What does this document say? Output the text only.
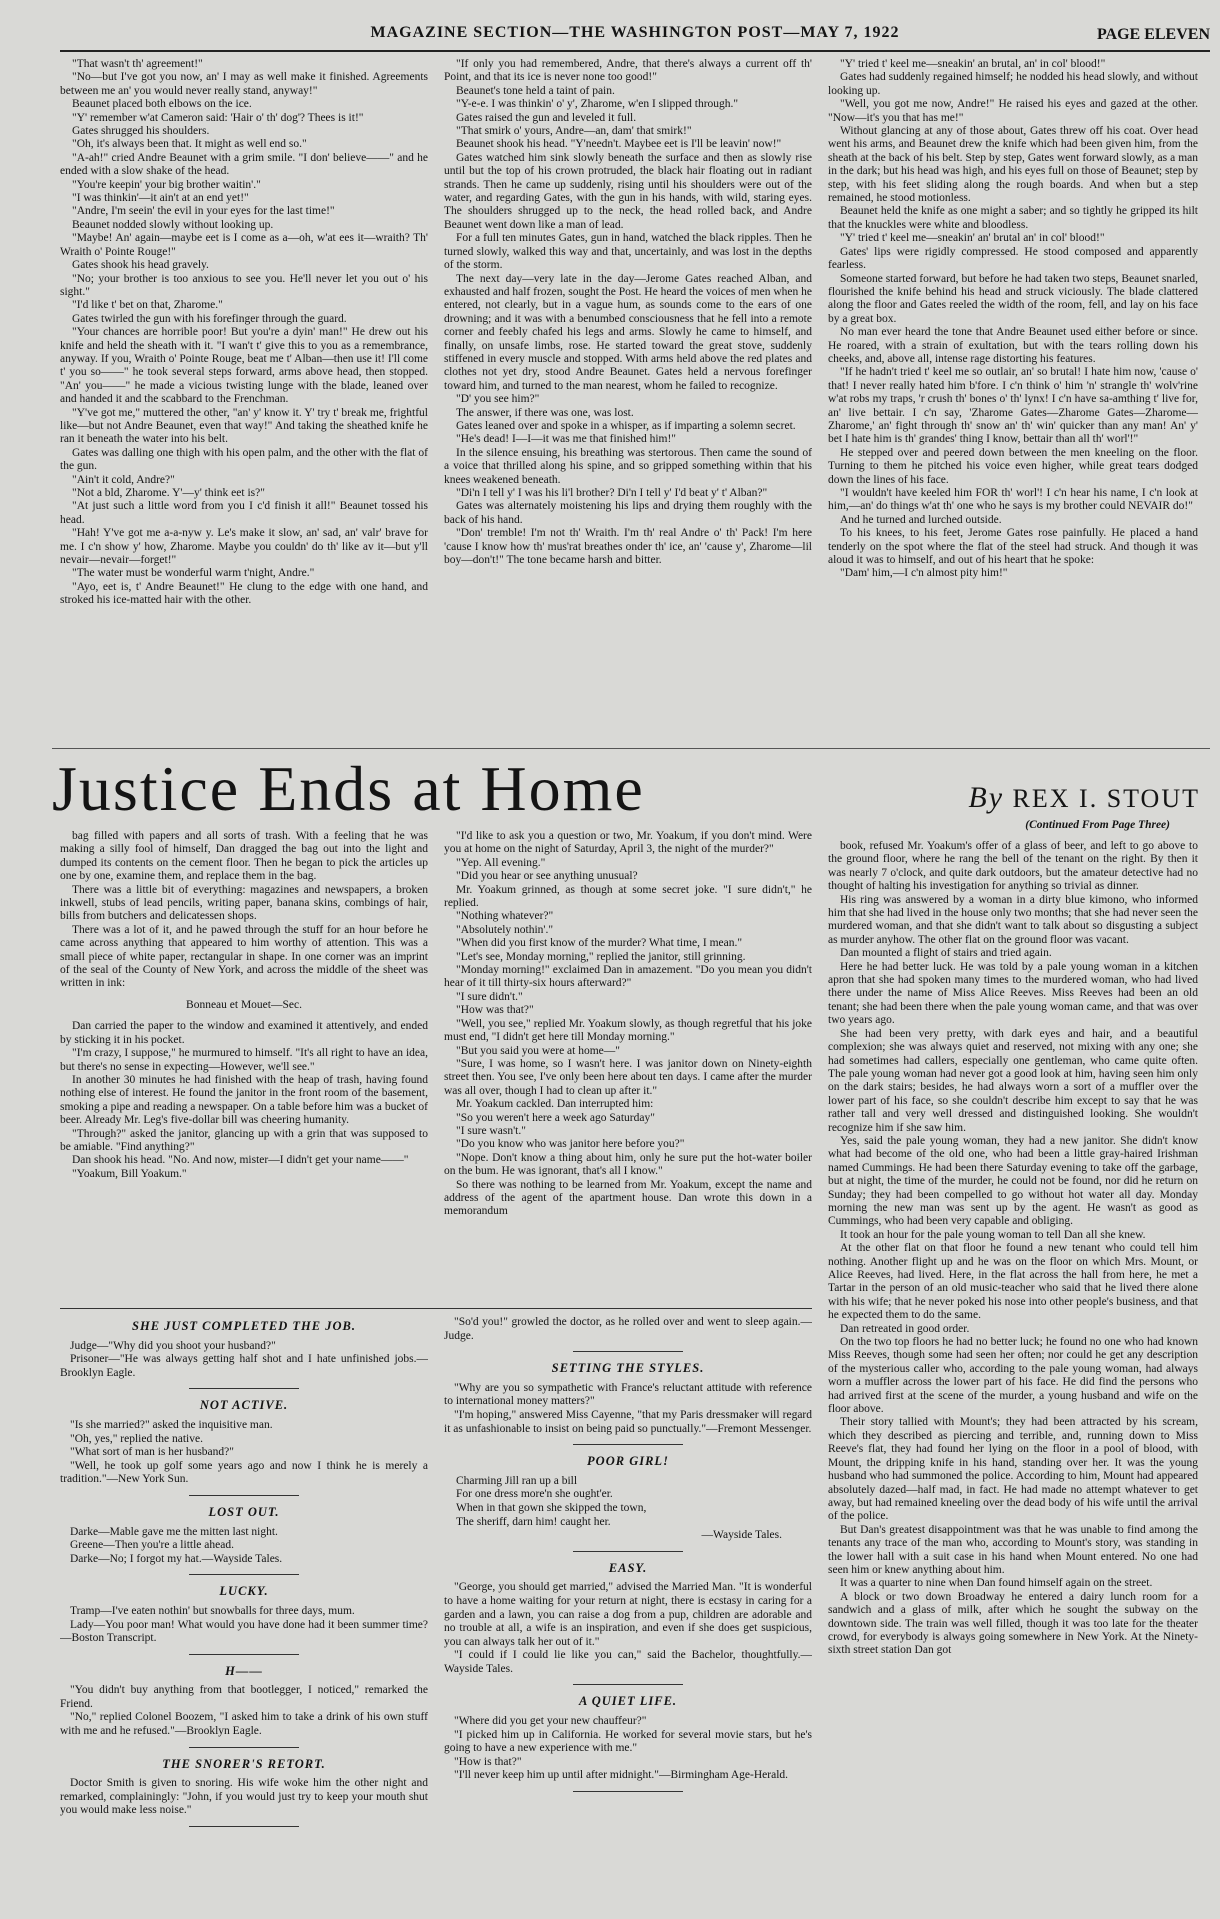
MAGAZINE SECTION—THE WASHINGTON POST—MAY 7, 1922	PAGE ELEVEN

"That wasn't th' agreement!"

"No—but I've got you now, an' I may as well make it finished. Agreements between me an' you would never really stand, anyway!"

Beaunet placed both elbows on the ice.

"Y' remember w'at Cameron said: 'Hair o' th' dog'? Thees is it!"

Gates shrugged his shoulders.

"Oh, it's always been that. It might as well end so."

"A-ah!" cried Andre Beaunet with a grim smile. "I don' believe——" and he ended with a slow shake of the head.

"You're keepin' your big brother waitin'."

"I was thinkin'—it ain't at an end yet!"

"Andre, I'm seein' the evil in your eyes for the last time!"

Beaunet nodded slowly without looking up.

"Maybe! An' again—maybe eet is I come as a—oh, w'at ees it—wraith? Th' Wraith o' Pointe Rouge!"

Gates shook his head gravely.

"No; your brother is too anxious to see you. He'll never let you out o' his sight."

"I'd like t' bet on that, Zharome."

Gates twirled the gun with his forefinger through the guard.

"Your chances are horrible poor! But you're a dyin' man!" He drew out his knife and held the sheath with it. "I wan't t' give this to you as a remembrance, anyway. If you, Wraith o' Pointe Rouge, beat me t' Alban—then use it! I'll come t' you so——" he took several steps forward, arms above head, then stopped. "An' you——" he made a vicious twisting lunge with the blade, leaned over and handed it and the scabbard to the Frenchman.

"Y've got me," muttered the other, "an' y' know it. Y' try t' break me, frightful like—but not Andre Beaunet, even that way!" And taking the sheathed knife he ran it beneath the water into his belt.

Gates was dalling one thigh with his open palm, and the other with the flat of the gun.

"Ain't it cold, Andre?"

"Not a bld, Zharome. Y'—y' think eet is?"

"At just such a little word from you I c'd finish it all!" Beaunet tossed his head.

"Hah! Y've got me a-a-nyw y. Le's make it slow, an' sad, an' valr' brave for me. I c'n show y' how, Zharome. Maybe you couldn' do th' like av it—but y'll nevair—nevair—forget!"

"The water must be wonderful warm t'night, Andre."

"Ayo, eet is, t' Andre Beaunet!" He clung to the edge with one hand, and stroked his ice-matted hair with the other.

"If only you had remembered, Andre, that there's always a current off th' Point, and that its ice is never none too good!"

Beaunet's tone held a taint of pain.

"Y-e-e. I was thinkin' o' y', Zharome, w'en I slipped through."

Gates raised the gun and leveled it full.

"That smirk o' yours, Andre—an, dam' that smirk!"

Beaunet shook his head. "Y'needn't. Maybee eet is I'll be leavin' now!"

Gates watched him sink slowly beneath the surface and then as slowly rise until but the top of his crown protruded, the black hair floating out in radiant strands. Then he came up suddenly, rising until his shoulders were out of the water, and regarding Gates, with the gun in his hands, with wild, staring eyes. The shoulders shrugged up to the neck, the head rolled back, and Andre Beaunet went down like a man of lead.

For a full ten minutes Gates, gun in hand, watched the black ripples. Then he turned slowly, walked this way and that, uncertainly, and was lost in the depths of the storm.

The next day—very late in the day—Jerome Gates reached Alban, and exhausted and half frozen, sought the Post. He heard the voices of men when he entered, not clearly, but in a vague hum, as sounds come to the ears of one drowning; and it was with a benumbed consciousness that he fell into a remote corner and feebly chafed his legs and arms. Slowly he came to himself, and finally, on unsafe limbs, rose. He started toward the great stove, suddenly stiffened in every muscle and stopped. With arms held above the red plates and clothes not yet dry, stood Andre Beaunet. Gates held a nervous forefinger toward him, and turned to the man nearest, whom he failed to recognize.

"D' you see him?"

The answer, if there was one, was lost.

Gates leaned over and spoke in a whisper, as if imparting a solemn secret.

"He's dead! I—I—it was me that finished him!"

In the silence ensuing, his breathing was stertorous. Then came the sound of a voice that thrilled along his spine, and so gripped something within that his knees weakened beneath.

"Di'n I tell y' I was his li'l brother? Di'n I tell y' I'd beat y' t' Alban?"

Gates was alternately moistening his lips and drying them roughly with the back of his hand.

"Don' tremble! I'm not th' Wraith. I'm th' real Andre o' th' Pack! I'm here 'cause I know how th' mus'rat breathes onder th' ice, an' 'cause y', Zharome—lil boy—don't!" The tone became harsh and bitter.

"Y' tried t' keel me—sneakin' an brutal, an' in col' blood!"

Gates had suddenly regained himself; he nodded his head slowly, and without looking up.

"Well, you got me now, Andre!" He raised his eyes and gazed at the other. "Now—it's you that has me!"

Without glancing at any of those about, Gates threw off his coat. Over head went his arms, and Beaunet drew the knife which had been given him, from the sheath at the back of his belt. Step by step, Gates went forward slowly, as a man in the dark; but his head was high, and his eyes full on those of Beaunet; step by step, with his feet sliding along the rough boards. And when but a step remained, he stood motionless.

Beaunet held the knife as one might a saber; and so tightly he gripped its hilt that the knuckles were white and bloodless.

"Y' tried t' keel me—sneakin' an' brutal an' in col' blood!"

Gates' lips were rigidly compressed. He stood composed and apparently fearless.

Someone started forward, but before he had taken two steps, Beaunet snarled, flourished the knife behind his head and struck viciously. The blade clattered along the floor and Gates reeled the width of the room, fell, and lay on his face by a great box.

No man ever heard the tone that Andre Beaunet used either before or since. He roared, with a strain of exultation, but with the tears rolling down his cheeks, and, above all, intense rage distorting his features.

"If he hadn't tried t' keel me so outlair, an' so brutal! I hate him now, 'cause o' that! I never really hated him b'fore. I c'n think o' him 'n' strangle th' wolv'rine w'at robs my traps, 'r crush th' bones o' th' lynx! I c'n have sa-amthing t' live for, an' live bettair. I c'n say, 'Zharome Gates—Zharome Gates—Zharome—Zharome,' an' fight through th' snow an' th' win' quicker than any man! An' y' bet I hate him is th' grandes' thing I know, bettair than all th' worl'!"

He stepped over and peered down between the men kneeling on the floor. Turning to them he pitched his voice even higher, while great tears dodged down the lines of his face.

"I wouldn't have keeled him FOR th' worl'! I c'n hear his name, I c'n look at him,—an' do things w'at th' one who he says is my brother could NEVAIR do!"

And he turned and lurched outside.

To his knees, to his feet, Jerome Gates rose painfully. He placed a hand tenderly on the spot where the flat of the steel had struck. And though it was aloud it was to himself, and out of his heart that he spoke:

"Dam' him,—I c'n almost pity him!"

Justice Ends at Home	By REX I. STOUT
(Continued From Page Three)

bag filled with papers and all sorts of trash. With a feeling that he was making a silly fool of himself, Dan dragged the bag out into the light and dumped its contents on the cement floor. Then he began to pick the articles up one by one, examine them, and replace them in the bag.

There was a little bit of everything: magazines and newspapers, a broken inkwell, stubs of lead pencils, writing paper, banana skins, combings of hair, bills from butchers and delicatessen shops.

There was a lot of it, and he pawed through the stuff for an hour before he came across anything that appeared to him worthy of attention. This was a small piece of white paper, rectangular in shape. In one corner was an imprint of the seal of the County of New York, and across the middle of the sheet was written in ink:

Bonneau et Mouet—Sec.

Dan carried the paper to the window and examined it attentively, and ended by sticking it in his pocket.

"I'm crazy, I suppose," he murmured to himself. "It's all right to have an idea, but there's no sense in expecting—However, we'll see."

In another 30 minutes he had finished with the heap of trash, having found nothing else of interest. He found the janitor in the front room of the basement, smoking a pipe and reading a newspaper. On a table before him was a bucket of beer. Already Mr. Leg's five-dollar bill was cheering humanity.

"Through?" asked the janitor, glancing up with a grin that was supposed to be amiable. "Find anything?"

Dan shook his head. "No. And now, mister—I didn't get your name——"

"Yoakum, Bill Yoakum."

"I'd like to ask you a question or two, Mr. Yoakum, if you don't mind. Were you at home on the night of Saturday, April 3, the night of the murder?"

"Yep. All evening."

"Did you hear or see anything unusual?

Mr. Yoakum grinned, as though at some secret joke. "I sure didn't," he replied.

"Nothing whatever?"

"Absolutely nothin'."

"When did you first know of the murder? What time, I mean."

"Let's see, Monday morning," replied the janitor, still grinning.

"Monday morning!" exclaimed Dan in amazement. "Do you mean you didn't hear of it till thirty-six hours afterward?"

"I sure didn't."

"How was that?"

"Well, you see," replied Mr. Yoakum slowly, as though regretful that his joke must end, "I didn't get here till Monday morning."

"But you said you were at home—"

"Sure, I was home, so I wasn't here. I was janitor down on Ninety-eighth street then. You see, I've only been here about ten days. I came after the murder was all over, though I had to clean up after it."

Mr. Yoakum cackled. Dan interrupted him:

"So you weren't here a week ago Saturday"

"I sure wasn't."

"Do you know who was janitor here before you?"

"Nope. Don't know a thing about him, only he sure put the hot-water boiler on the bum. He was ignorant, that's all I know."

So there was nothing to be learned from Mr. Yoakum, except the name and address of the agent of the apartment house. Dan wrote this down in a memorandum

book, refused Mr. Yoakum's offer of a glass of beer, and left to go above to the ground floor, where he rang the bell of the tenant on the right. By then it was nearly 7 o'clock, and quite dark outdoors, but the amateur detective had no thought of halting his investigation for anything so trivial as dinner.

His ring was answered by a woman in a dirty blue kimono, who informed him that she had lived in the house only two months; that she had never seen the murdered woman, and that she didn't want to talk about so disgusting a subject as murder anyhow. The other flat on the ground floor was vacant.

Dan mounted a flight of stairs and tried again.

Here he had better luck. He was told by a pale young woman in a kitchen apron that she had spoken many times to the murdered woman, who had lived there under the name of Miss Alice Reeves. Miss Reeves had been an old tenant; she had been there when the pale young woman came, and that was over two years ago.

She had been very pretty, with dark eyes and hair, and a beautiful complexion; she was always quiet and reserved, not mixing with any one; she had sometimes had callers, especially one gentleman, who came quite often. The pale young woman had never got a good look at him, having seen him only on the dark stairs; besides, he had always worn a sort of a muffler over the lower part of his face, so she couldn't describe him except to say that he was rather tall and very well dressed and distinguished looking. She wouldn't recognize him if she saw him.

Yes, said the pale young woman, they had a new janitor. She didn't know what had become of the old one, who had been a little gray-haired Irishman named Cummings. He had been there Saturday evening to take off the garbage, but at night, the time of the murder, he could not be found, nor did he return on Sunday; they had been compelled to go without hot water all day. Monday morning the new man was sent up by the agent. He wasn't as good as Cummings, who had been very capable and obliging.

It took an hour for the pale young woman to tell Dan all she knew.

At the other flat on that floor he found a new tenant who could tell him nothing. Another flight up and he was on the floor on which Mrs. Mount, or Alice Reeves, had lived. Here, in the flat across the hall from here, he met a Tartar in the person of an old music-teacher who said that he lived there alone with his wife; that he never poked his nose into other people's business, and that he expected them to do the same.

Dan retreated in good order.

On the two top floors he had no better luck; he found no one who had known Miss Reeves, though some had seen her often; nor could he get any description of the mysterious caller who, according to the pale young woman, had always worn a muffler across the lower part of his face. He did find the persons who had arrived first at the scene of the murder, a young husband and wife on the floor above.

Their story tallied with Mount's; they had been attracted by his scream, which they described as piercing and terrible, and, running down to Miss Reeve's flat, they had found her lying on the floor in a pool of blood, with Mount, the dripping knife in his hand, standing over her. It was the young husband who had summoned the police. According to him, Mount had appeared absolutely dazed—half mad, in fact. He had made no attempt whatever to get away, but had remained kneeling over the dead body of his wife until the arrival of the police.

But Dan's greatest disappointment was that he was unable to find among the tenants any trace of the man who, according to Mount's story, was standing in the lower hall with a suit case in his hand when Mount entered. No one had seen him or knew anything about him.

It was a quarter to nine when Dan found himself again on the street.

A block or two down Broadway he entered a dairy lunch room for a sandwich and a glass of milk, after which he sought the subway on the downtown side. The train was well filled, though it was too late for the theater crowd, for everybody is always going somewhere in New York. At the Ninety-sixth street station Dan got

SHE JUST COMPLETED THE JOB.
Judge—"Why did you shoot your husband?"
Prisoner—"He was always getting half shot and I hate unfinished jobs.—Brooklyn Eagle.
NOT ACTIVE.
"Is she married?" asked the inquisitive man.
"Oh, yes," replied the native.
"What sort of man is her husband?"
"Well, he took up golf some years ago and now I think he is merely a tradition."—New York Sun.
LOST OUT.
Darke—Mable gave me the mitten last night.
Greene—Then you're a little ahead.
Darke—No; I forgot my hat.—Wayside Tales.
LUCKY.
Tramp—I've eaten nothin' but snowballs for three days, mum.
Lady—You poor man! What would you have done had it been summer time?—Boston Transcript.
H——
"You didn't buy anything from that bootlegger, I noticed," remarked the Friend.
"No," replied Colonel Boozem, "I asked him to take a drink of his own stuff with me and he refused."—Brooklyn Eagle.
THE SNORER'S RETORT.
Doctor Smith is given to snoring. His wife woke him the other night and remarked, complainingly: "John, if you would just try to keep your mouth shut you would make less noise."
"So'd you!" growled the doctor, as he rolled over and went to sleep again.—Judge.
SETTING THE STYLES.
"Why are you so sympathetic with France's reluctant attitude with reference to international money matters?"
"I'm hoping," answered Miss Cayenne, "that my Paris dressmaker will regard it as unfashionable to insist on being paid so punctually."—Fremont Messenger.
POOR GIRL!
Charming Jill ran up a bill
For one dress more'n she ought'er.
When in that gown she skipped the town,
The sheriff, darn him! caught her.
—Wayside Tales.
EASY.
"George, you should get married," advised the Married Man. "It is wonderful to have a home waiting for your return at night, there is ecstasy in caring for a garden and a lawn, you can raise a dog from a pup, children are adorable and no trouble at all, a wife is an inspiration, and even if she does get suspicious, you can always talk her out of it."
"I could if I could lie like you can," said the Bachelor, thoughtfully.—Wayside Tales.
A QUIET LIFE.
"Where did you get your new chauffeur?"
"I picked him up in California. He worked for several movie stars, but he's going to have a new experience with me."
"How is that?"
"I'll never keep him up until after midnight."—Birmingham Age-Herald.
